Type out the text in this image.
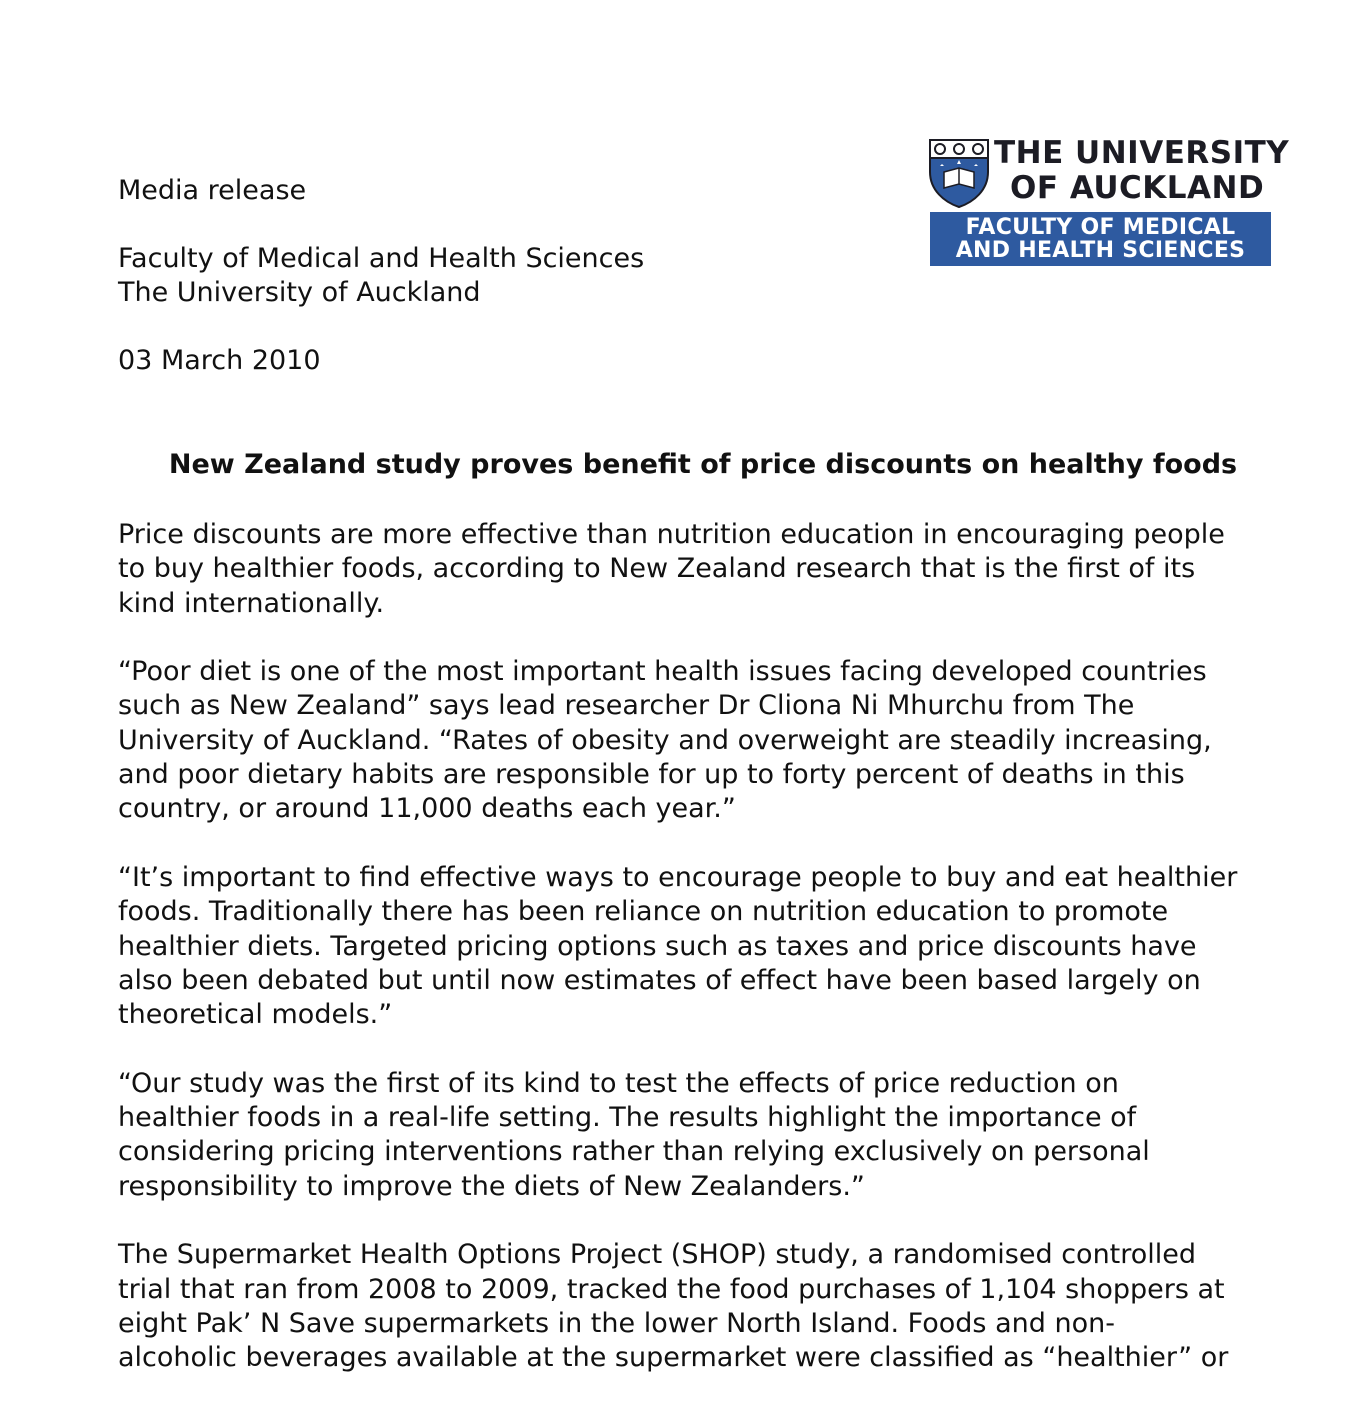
Media release
Faculty of Medical and Health Sciences
The University of Auckland
03 March 2010
THE UNIVERSITY
OF AUCKLAND
FACULTY OF MEDICAL
AND HEALTH SCIENCES
New Zealand study proves benefit of price discounts on healthy foods

Price discounts are more effective than nutrition education in encouraging people
to buy healthier foods, according to New Zealand research that is the first of its
kind internationally.

“Poor diet is one of the most important health issues facing developed countries
such as New Zealand” says lead researcher Dr Cliona Ni Mhurchu from The
University of Auckland. “Rates of obesity and overweight are steadily increasing,
and poor dietary habits are responsible for up to forty percent of deaths in this
country, or around 11,000 deaths each year.”

“It’s important to find effective ways to encourage people to buy and eat healthier
foods. Traditionally there has been reliance on nutrition education to promote
healthier diets. Targeted pricing options such as taxes and price discounts have
also been debated but until now estimates of effect have been based largely on
theoretical models.”

“Our study was the first of its kind to test the effects of price reduction on
healthier foods in a real-life setting. The results highlight the importance of
considering pricing interventions rather than relying exclusively on personal
responsibility to improve the diets of New Zealanders.”

The Supermarket Health Options Project (SHOP) study, a randomised controlled
trial that ran from 2008 to 2009, tracked the food purchases of 1,104 shoppers at
eight Pak’ N Save supermarkets in the lower North Island. Foods and non-
alcoholic beverages available at the supermarket were classified as “healthier” or
